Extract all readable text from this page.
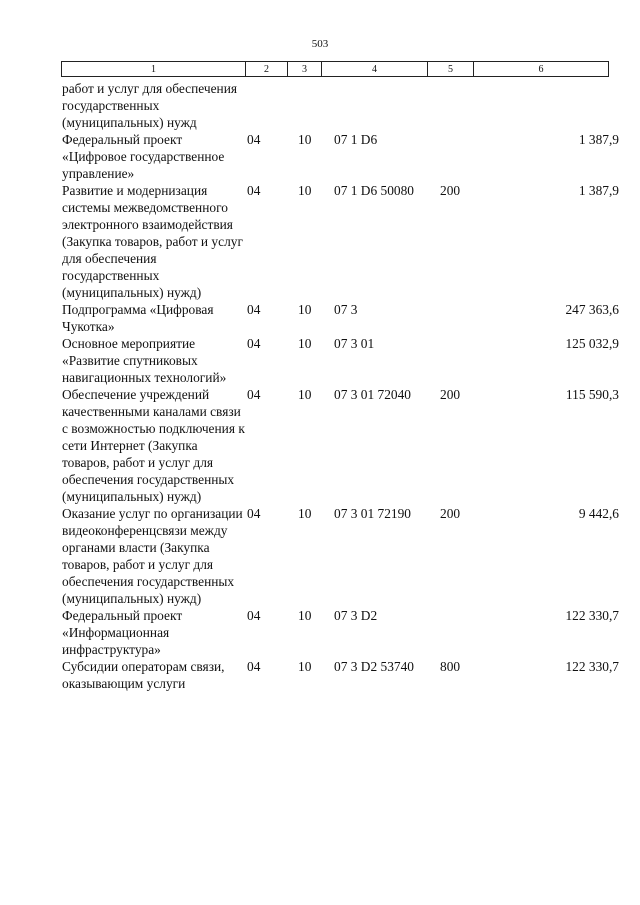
503
1	2	3	4	5	6
работ и услуг для обеспечения государственных (муниципальных) нужд					
Федеральный проект «Цифровое государственное управление»	04	10	07 1 D6		1 387,9
Развитие и модернизация системы межведомственного электронного взаимодействия (Закупка товаров, работ и услуг для обеспечения государственных (муниципальных) нужд)	04	10	07 1 D6 50080	200	1 387,9
Подпрограмма «Цифровая Чукотка»	04	10	07 3		247 363,6
Основное мероприятие «Развитие спутниковых навигационных технологий»	04	10	07 3 01		125 032,9
Обеспечение учреждений качественными каналами связи с возможностью подключения к сети Интернет (Закупка товаров, работ и услуг для обеспечения государственных (муниципальных) нужд)	04	10	07 3 01 72040	200	115 590,3
Оказание услуг по организации видеоконференцсвязи между органами власти (Закупка товаров, работ и услуг для обеспечения государственных (муниципальных) нужд)	04	10	07 3 01 72190	200	9 442,6
Федеральный проект «Информационная инфраструктура»	04	10	07 3 D2		122 330,7
Субсидии операторам связи, оказывающим услуги	04	10	07 3 D2 53740	800	122 330,7
